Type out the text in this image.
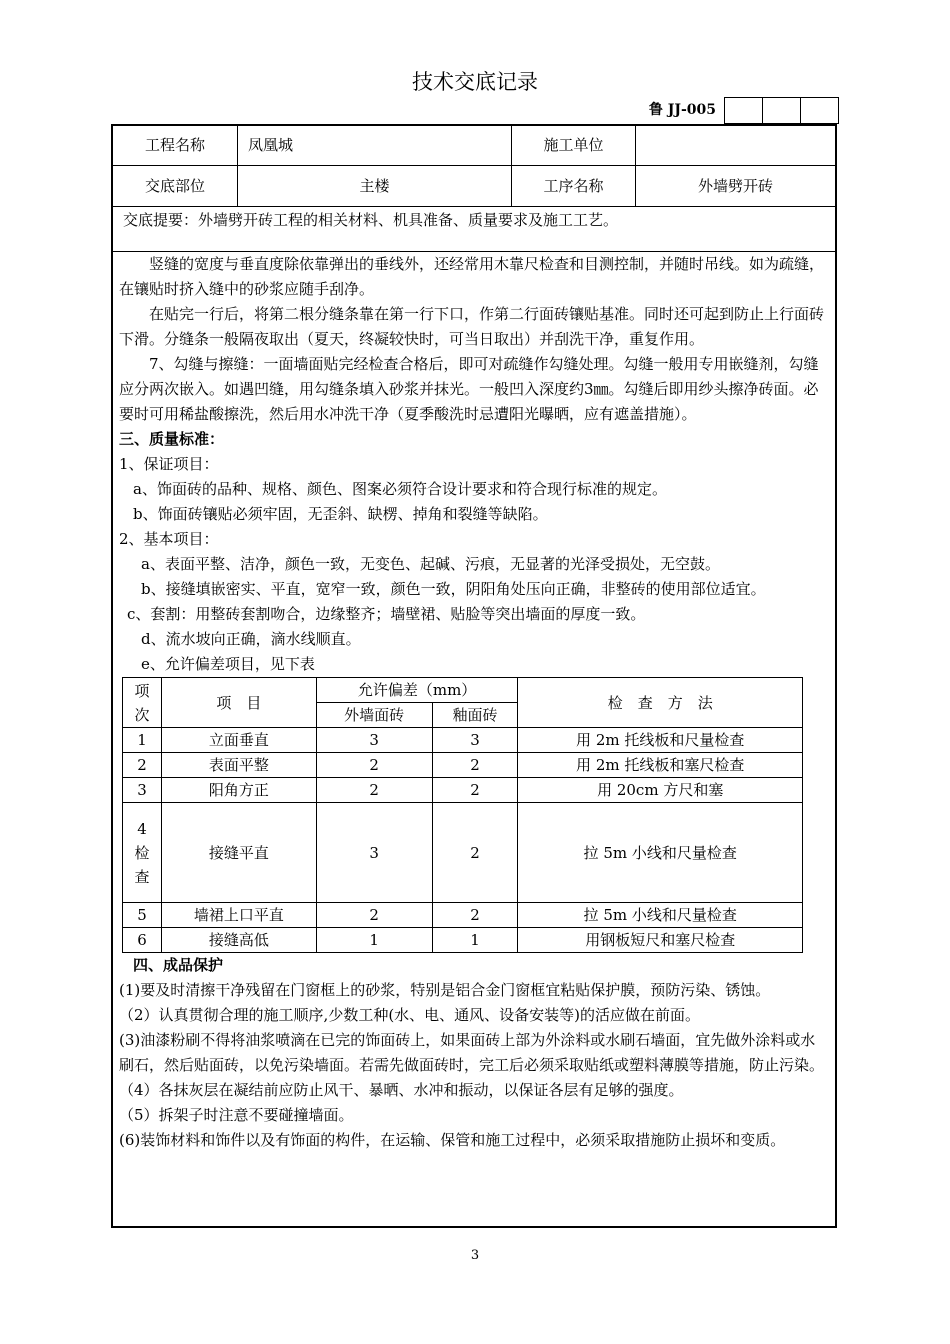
技术交底记录
鲁 JJ-005
工程名称	凤凰城	施工单位
交底部位	主楼	工序名称	外墙劈开砖
交底提要：外墙劈开砖工程的相关材料、机具准备、质量要求及施工工艺。

竖缝的宽度与垂直度除依靠弹出的垂线外，还经常用木靠尺检查和目测控制，并随时吊线。如为疏缝，在镶贴时挤入缝中的砂浆应随手刮净。

在贴完一行后，将第二根分缝条靠在第一行下口，作第二行面砖镶贴基准。同时还可起到防止上行面砖下滑。分缝条一般隔夜取出（夏天，终凝较快时，可当日取出）并刮洗干净，重复作用。

7、勾缝与擦缝：一面墙面贴完经检查合格后，即可对疏缝作勾缝处理。勾缝一般用专用嵌缝剂，勾缝应分两次嵌入。如遇凹缝，用勾缝条填入砂浆并抹光。一般凹入深度约3㎜。勾缝后即用纱头擦净砖面。必要时可用稀盐酸擦洗，然后用水冲洗干净（夏季酸洗时忌遭阳光曝晒，应有遮盖措施）。

三、质量标准：

1、保证项目：

a、饰面砖的品种、规格、颜色、图案必须符合设计要求和符合现行标准的规定。

b、饰面砖镶贴必须牢固，无歪斜、缺楞、掉角和裂缝等缺陷。

2、基本项目：

a、表面平整、洁净，颜色一致，无变色、起碱、污痕，无显著的光泽受损处，无空鼓。

b、接缝填嵌密实、平直，宽窄一致，颜色一致，阴阳角处压向正确，非整砖的使用部位适宜。

c、套割：用整砖套割吻合，边缘整齐；墙壁裙、贴脸等突出墙面的厚度一致。

d、流水坡向正确，滴水线顺直。

e、允许偏差项目，见下表

项
次	项　目	允许偏差（mm）		检　查　方　法
		外墙面砖	釉面砖	
1	立面垂直	3	3	用 2m 托线板和尺量检查
2	表面平整	2	2	用 2m 托线板和塞尺检查
3	阳角方正	2	2	用 20cm 方尺和塞

4
检
查	接缝平直	3	2	拉 5m 小线和尺量检查
5	墙裙上口平直	2	2	拉 5m 小线和尺量检查
6	接缝高低	1	1	用钢板短尺和塞尺检查

四、成品保护

(1)要及时清擦干净残留在门窗框上的砂浆，特别是铝合金门窗框宜粘贴保护膜，预防污染、锈蚀。

（2）认真贯彻合理的施工顺序,少数工种(水、电、通风、设备安装等)的活应做在前面。

(3)油漆粉刷不得将油浆喷滴在已完的饰面砖上，如果面砖上部为外涂料或水刷石墙面，宜先做外涂料或水刷石，然后贴面砖，以免污染墙面。若需先做面砖时，完工后必须采取贴纸或塑料薄膜等措施，防止污染。

（4）各抹灰层在凝结前应防止风干、暴晒、水冲和振动，以保证各层有足够的强度。

（5）拆架子时注意不要碰撞墙面。

(6)装饰材料和饰件以及有饰面的构件，在运输、保管和施工过程中，必须采取措施防止损坏和变质。

3
